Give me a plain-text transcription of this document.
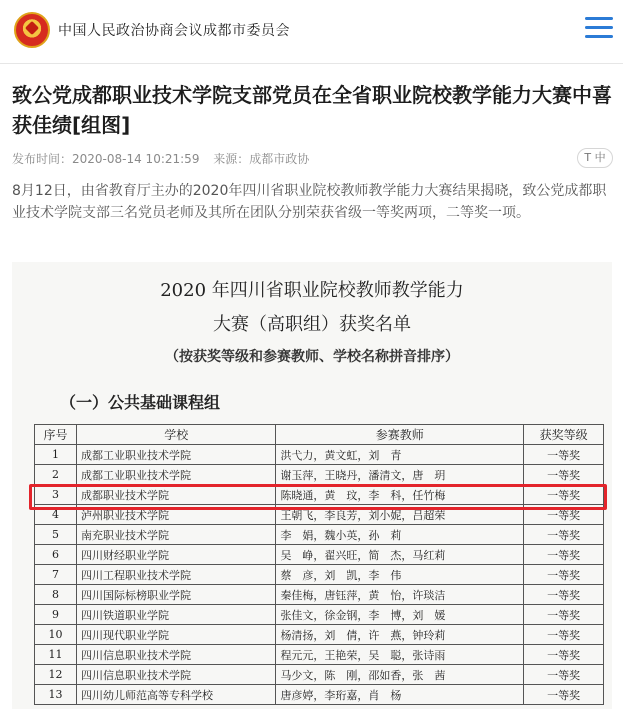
中国人民政治协商会议成都市委员会
致公党成都职业技术学院支部党员在全省职业院校教学能力大赛中喜获佳绩[组图]
发布时间：2020-08-14 10:21:59 来源：成都市政协	T 中
8月12日，由省教育厅主办的2020年四川省职业院校教师教学能力大赛结果揭晓，致公党成都职业技术学院支部三名党员老师及其所在团队分别荣获省级一等奖两项，二等奖一项。
2020 年四川省职业院校教师教学能力
大赛（高职组）获奖名单
（按获奖等级和参赛教师、学校名称拼音排序）
（一）公共基础课程组
序号	学校	参赛教师	获奖等级
1	成都工业职业技术学院	洪弋力，黄文虹，刘　青	一等奖
2	成都工业职业技术学院	谢玉萍，王晓丹，潘清文，唐　玥	一等奖
3	成都职业技术学院	陈晓通，黄　玟，李　科，任竹梅	一等奖
4	泸州职业技术学院	王朝飞，李良芳，刘小妮，吕超荣	一等奖
5	南充职业技术学院	李　娟，魏小英，孙　莉	一等奖
6	四川财经职业学院	吴　峥，翟兴旺，简　杰，马红莉	一等奖
7	四川工程职业技术学院	蔡　彦，刘　凯，李　伟	一等奖
8	四川国际标榜职业学院	秦佳梅，唐钰萍，黄　怡，许琰洁	一等奖
9	四川铁道职业学院	张佳文，徐金钢，李　博，刘　媛	一等奖
10	四川现代职业学院	杨清扬，刘　倩，许　燕，钟玲莉	一等奖
11	四川信息职业技术学院	程元元，王艳荣，吴　聪，张诗雨	一等奖
12	四川信息职业技术学院	马少文，陈　刚，邵如香，张　茜	一等奖
13	四川幼儿师范高等专科学校	唐彦婷，李珩嘉，肖　杨	一等奖
